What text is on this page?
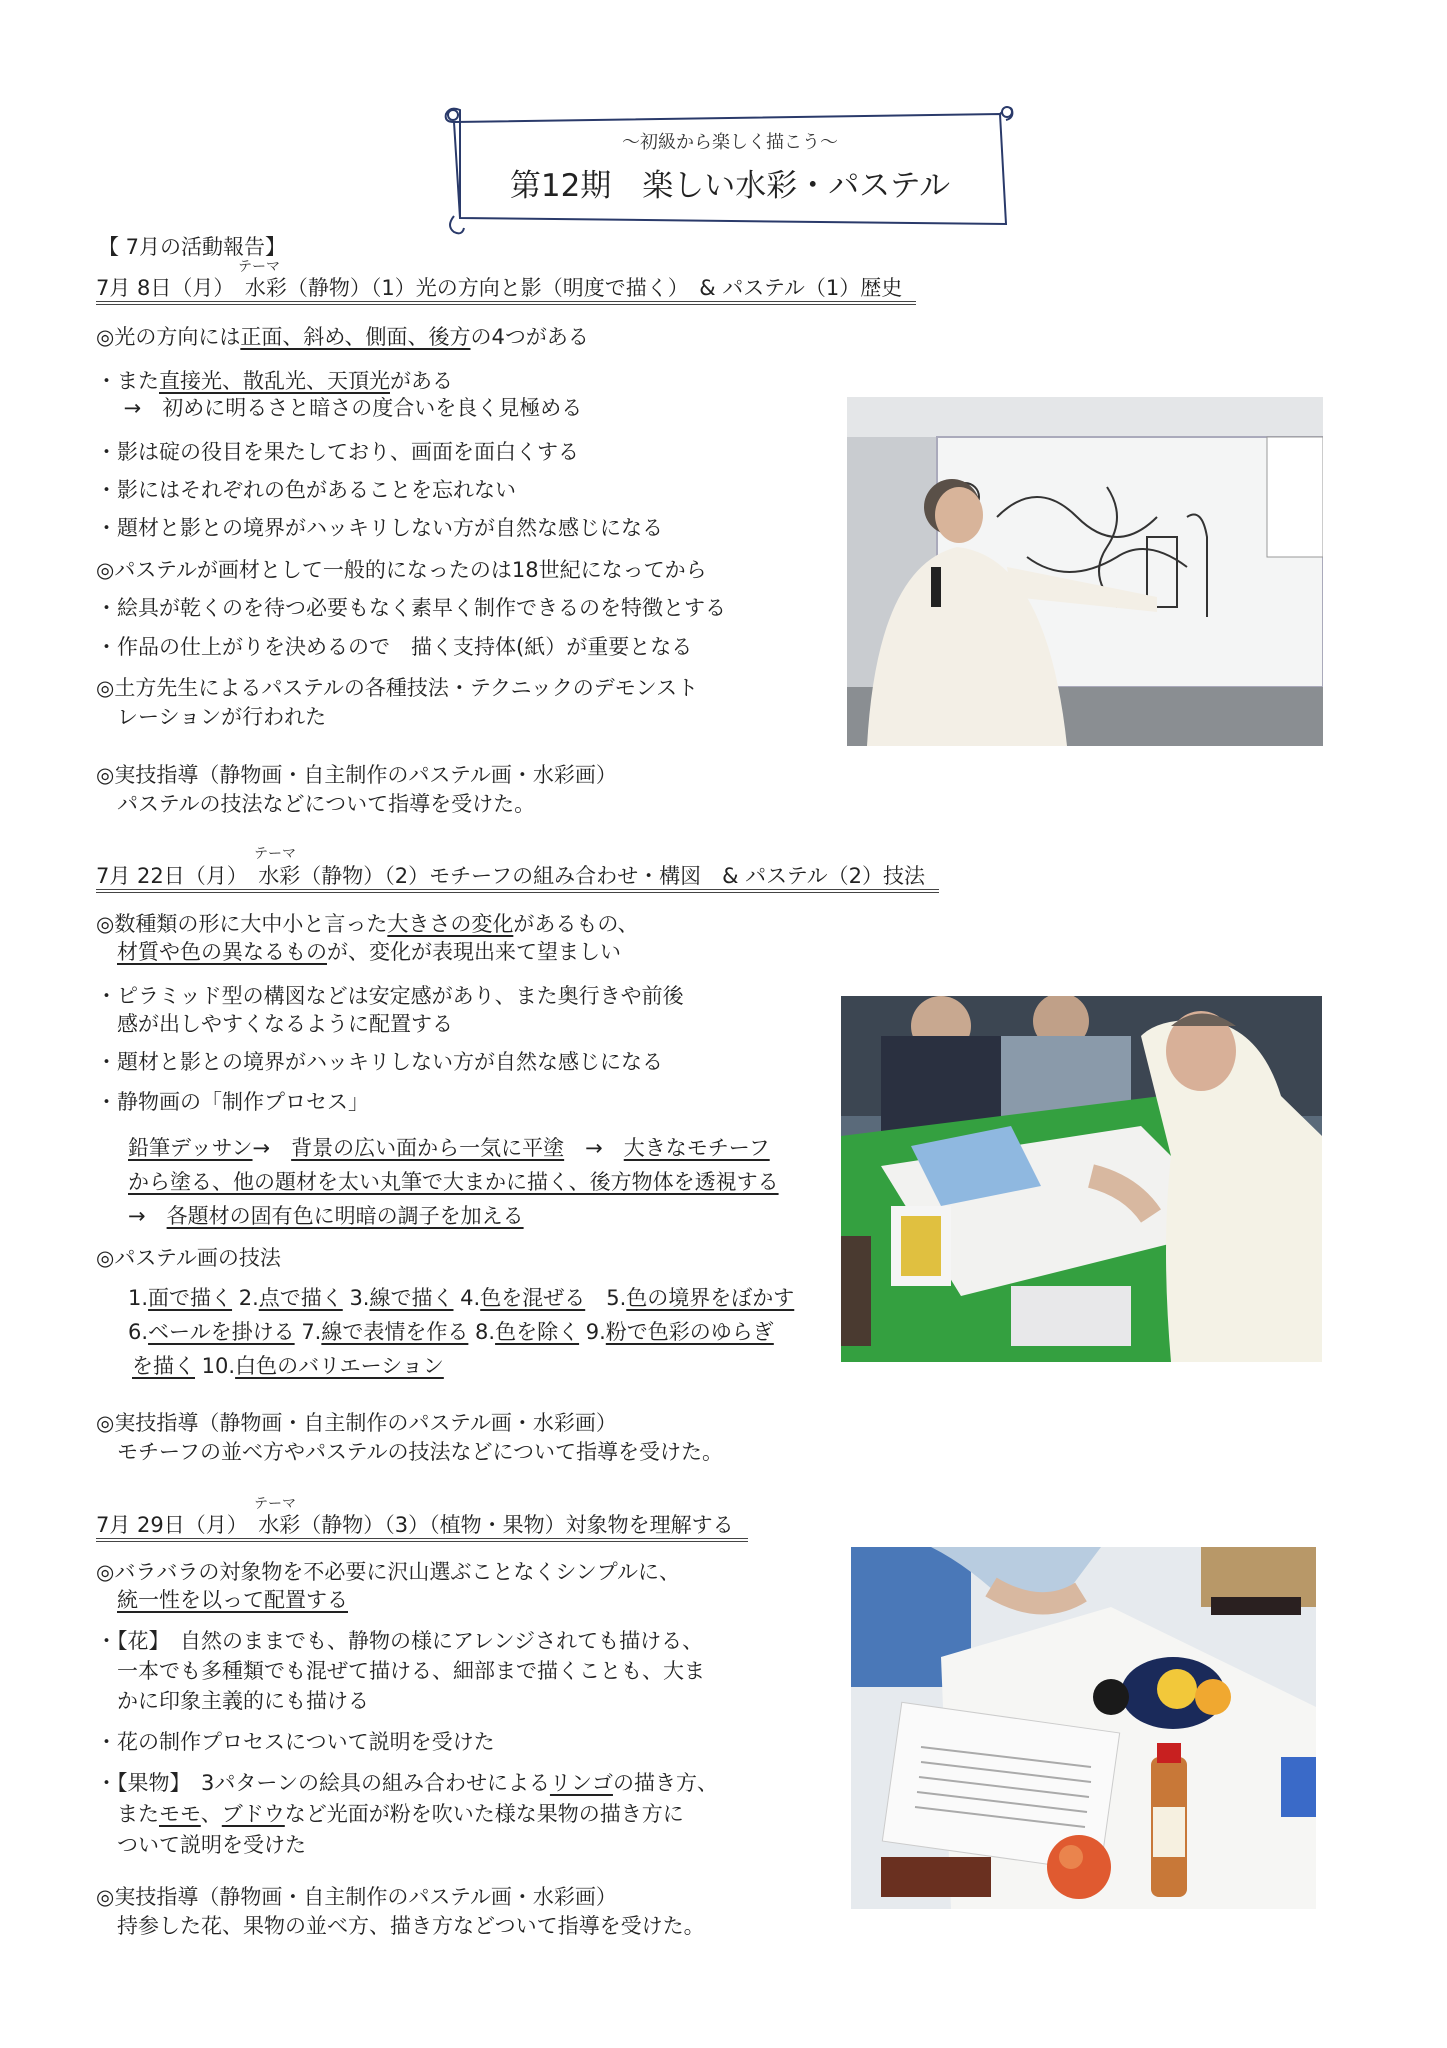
〜初級から楽しく描こう〜
第12期　楽しい水彩・パステル
【 7月の活動報告】
テーマ
7月 8日（月）　水彩（静物）（1）光の方向と影（明度で描く）　& パステル（1）歴史
◎光の方向には正面、斜め、側面、後方の4つがある
・また直接光、散乱光、天頂光がある
　 →　初めに明るさと暗さの度合いを良く見極める
・影は碇の役目を果たしており、画面を面白くする
・影にはそれぞれの色があることを忘れない
・題材と影との境界がハッキリしない方が自然な感じになる
◎パステルが画材として一般的になったのは18世紀になってから
・絵具が乾くのを待つ必要もなく素早く制作できるのを特徴とする
・作品の仕上がりを決めるので　描く支持体(紙）が重要となる
◎土方先生によるパステルの各種技法・テクニックのデモンスト
　レーションが行われた
◎実技指導（静物画・自主制作のパステル画・水彩画）
　パステルの技法などについて指導を受けた。
テーマ
7月 22日（月）　水彩（静物）（2）モチーフの組み合わせ・構図　& パステル（2）技法
◎数種類の形に大中小と言った大きさの変化があるもの、
　材質や色の異なるものが、変化が表現出来て望ましい
・ピラミッド型の構図などは安定感があり、また奥行きや前後
　感が出しやすくなるように配置する
・題材と影との境界がハッキリしない方が自然な感じになる
・静物画の「制作プロセス」
鉛筆デッサン→　背景の広い面から一気に平塗　→　大きなモチーフ
から塗る、他の題材を太い丸筆で大まかに描く、後方物体を透視する
→　各題材の固有色に明暗の調子を加える
◎パステル画の技法
1.面で描く 2.点で描く 3.線で描く 4.色を混ぜる　5.色の境界をぼかす
6.ベールを掛ける 7.線で表情を作る 8.色を除く 9.粉で色彩のゆらぎ
を描く 10.白色のバリエーション
◎実技指導（静物画・自主制作のパステル画・水彩画）
　モチーフの並べ方やパステルの技法などについて指導を受けた。
テーマ
7月 29日（月）　水彩（静物）（3）（植物・果物）対象物を理解する
◎バラバラの対象物を不必要に沢山選ぶことなくシンプルに、
　統一性を以って配置する
・【花】　自然のままでも、静物の様にアレンジされても描ける、
　一本でも多種類でも混ぜて描ける、細部まで描くことも、大ま
　かに印象主義的にも描ける
・花の制作プロセスについて説明を受けた
・【果物】　3パターンの絵具の組み合わせによるリンゴの描き方、
　またモモ、ブドウなど光面が粉を吹いた様な果物の描き方に
　ついて説明を受けた
◎実技指導（静物画・自主制作のパステル画・水彩画）
　持参した花、果物の並べ方、描き方などついて指導を受けた。
